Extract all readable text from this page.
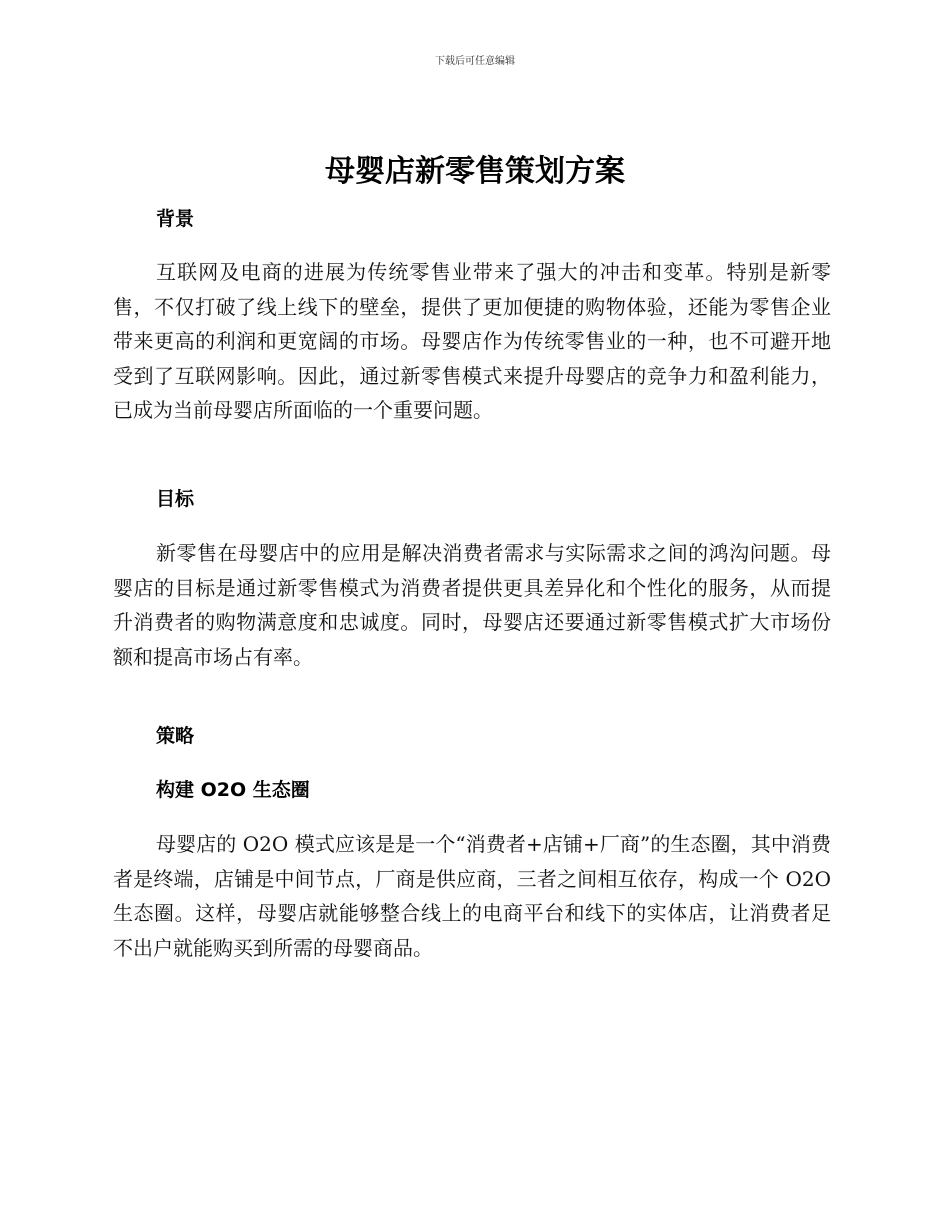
下载后可任意编辑
母婴店新零售策划方案
背景

互联网及电商的进展为传统零售业带来了强大的冲击和变革。特别是新零售，不仅打破了线上线下的壁垒，提供了更加便捷的购物体验，还能为零售企业带来更高的利润和更宽阔的市场。母婴店作为传统零售业的一种，也不可避开地受到了互联网影响。因此，通过新零售模式来提升母婴店的竞争力和盈利能力，已成为当前母婴店所面临的一个重要问题。

目标

新零售在母婴店中的应用是解决消费者需求与实际需求之间的鸿沟问题。母婴店的目标是通过新零售模式为消费者提供更具差异化和个性化的服务，从而提升消费者的购物满意度和忠诚度。同时，母婴店还要通过新零售模式扩大市场份额和提高市场占有率。

策略
构建 O2O 生态圈

母婴店的 O2O 模式应该是是一个“消费者+店铺+厂商”的生态圈，其中消费者是终端，店铺是中间节点，厂商是供应商，三者之间相互依存，构成一个 O2O 生态圈。这样，母婴店就能够整合线上的电商平台和线下的实体店，让消费者足不出户就能购买到所需的母婴商品。
